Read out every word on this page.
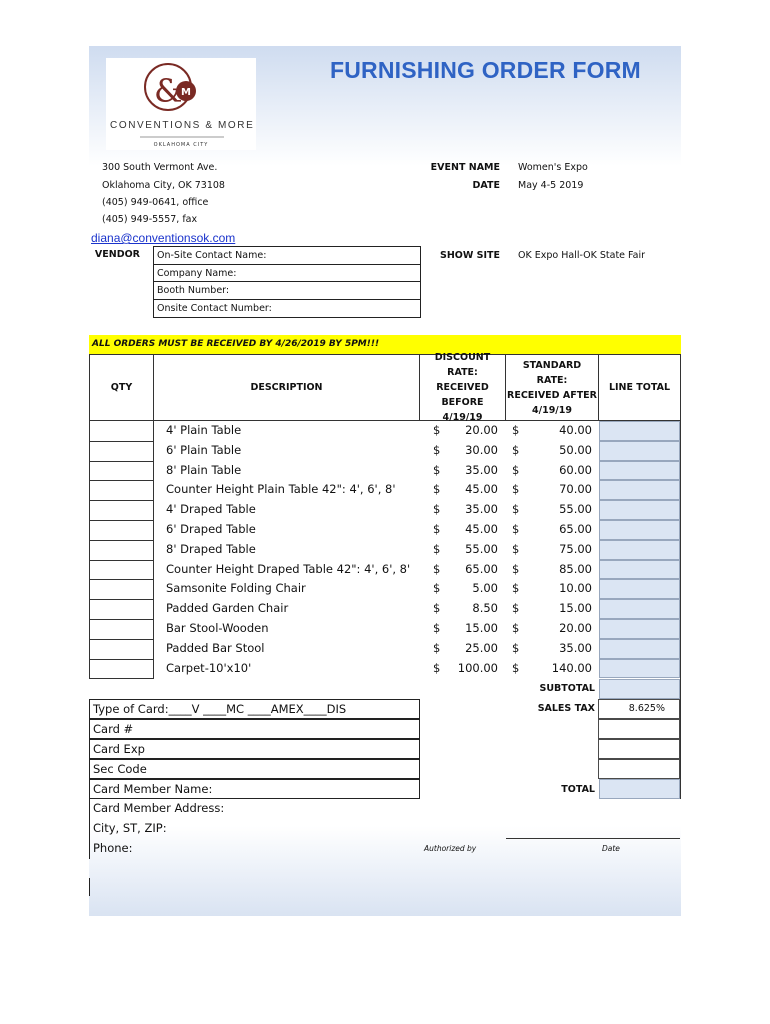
&
M
CONVENTIONS & MORE
OKLAHOMA CITY
FURNISHING ORDER FORM
300 South Vermont Ave.
Oklahoma City, OK 73108
(405) 949-0641, office
(405) 949-5557, fax
diana@conventionsok.com
EVENT NAME Women's Expo
DATE May 4-5 2019
SHOW SITE OK Expo Hall-OK State Fair
VENDOR	On-Site Contact Name:
Company Name:
Booth Number:
Onsite Contact Number:
ALL ORDERS MUST BE RECEIVED BY 4/26/2019 BY 5PM!!!
QTY	DESCRIPTION
DISCOUNT
RATE: RECEIVED
BEFORE 4/19/19
STANDARD RATE:
RECEIVED AFTER
4/19/19
LINE TOTAL
4' Plain Table	$	20.00 $	40.00
6' Plain Table	$	30.00 $	50.00
8' Plain Table	$	35.00 $	60.00
Counter Height Plain Table 42": 4', 6', 8'	$	45.00 $	70.00
4' Draped Table	$	35.00 $	55.00
6' Draped Table	$	45.00 $	65.00
8' Draped Table	$	55.00 $	75.00
Counter Height Draped Table 42": 4', 6', 8' $	65.00 $	85.00
Samsonite Folding Chair	$	5.00 $	10.00
Padded Garden Chair	$	8.50 $	15.00
Bar Stool-Wooden	$	15.00 $	20.00
Padded Bar Stool	$	25.00 $	35.00
Carpet-10'x10'	$	100.00 $	140.00
SUBTOTAL
SALES TAX	8.625%
TOTAL
Type of Card:____V ____MC ____AMEX____DIS
Card #
Card Exp
Sec Code
Card Member Name:
Card Member Address:
City, ST, ZIP:
Phone:	Authorized by	Date
